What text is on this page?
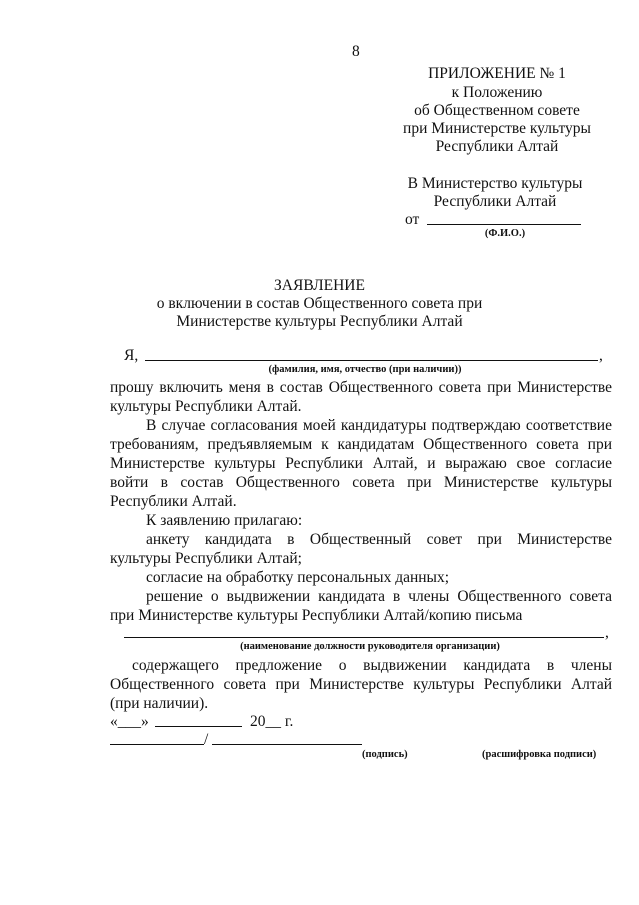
8
ПРИЛОЖЕНИЕ № 1
к Положению
об Общественном совете
при Министерстве культуры
Республики Алтай
В Министерство культуры
Республики Алтай
от
(Ф.И.О.)
ЗАЯВЛЕНИЕ
о включении в состав Общественного совета при
Министерстве культуры Республики Алтай
Я,	,
(фамилия, имя, отчество (при наличии))
прошу включить меня в состав Общественного совета при Министерстве
культуры Республики Алтай.
В случае согласования моей кандидатуры подтверждаю соответствие
требованиям, предъявляемым к кандидатам Общественного совета при
Министерстве культуры Республики Алтай, и выражаю свое согласие
войти в состав Общественного совета при Министерстве культуры
Республики Алтай.
К заявлению прилагаю:
анкету кандидата в Общественный совет при Министерстве
культуры Республики Алтай;
согласие на обработку персональных данных;
решение о выдвижении кандидата в члены Общественного совета
при Министерстве культуры Республики Алтай/копию письма
,
(наименование должности руководителя организации)
содержащего предложение о выдвижении кандидата в члены
Общественного совета при Министерстве культуры Республики Алтай
(при наличии).
«___»	20__ г.
/
(подпись)	(расшифровка подписи)
